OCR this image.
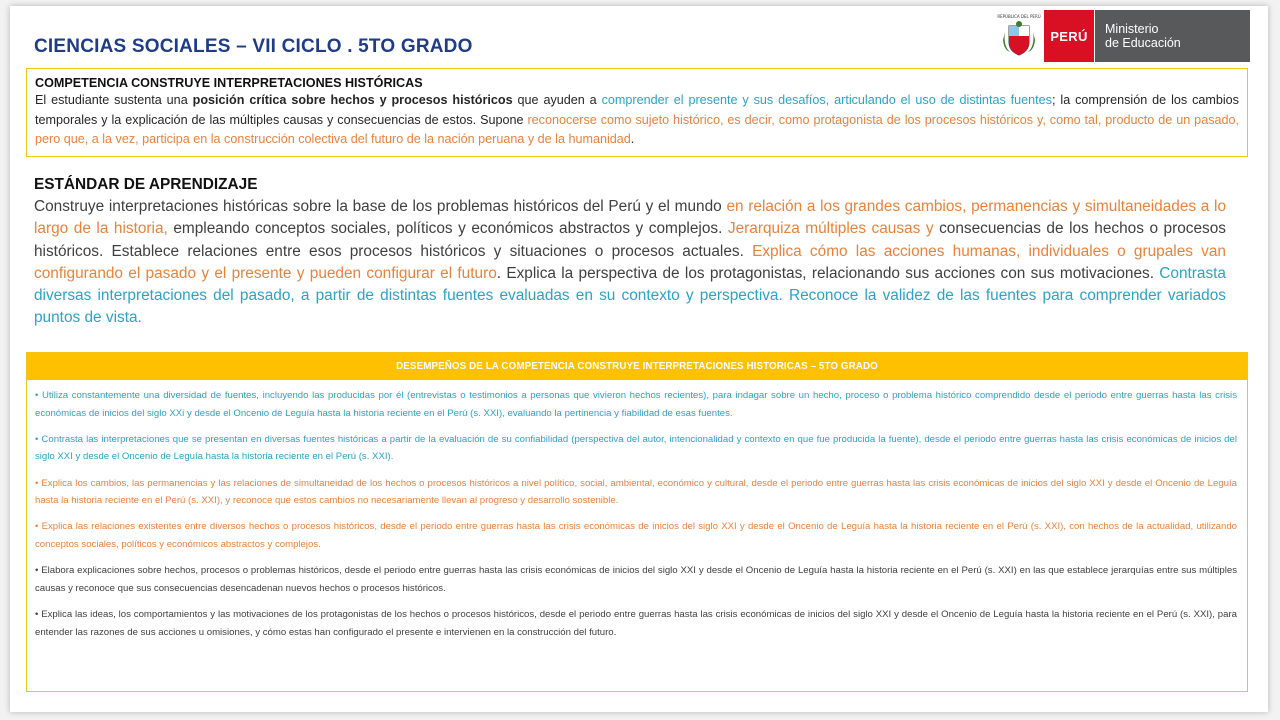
CIENCIAS SOCIALES – VII CICLO . 5TO GRADO
REPÚBLICA DEL PERÚ
PERÚ	Ministerio
de Educación
COMPETENCIA CONSTRUYE INTERPRETACIONES HISTÓRICAS
El estudiante sustenta una posición crítica sobre hechos y procesos históricos que ayuden a comprender el presente y sus desafíos, articulando el uso de distintas fuentes; la comprensión de los cambios temporales y la explicación de las múltiples causas y consecuencias de estos. Supone reconocerse como sujeto histórico, es decir, como protagonista de los procesos históricos y, como tal, producto de un pasado, pero que, a la vez, participa en la construcción colectiva del futuro de la nación peruana y de la humanidad.
ESTÁNDAR DE APRENDIZAJE
Construye interpretaciones históricas sobre la base de los problemas históricos del Perú y el mundo en relación a los grandes cambios, permanencias y simultaneidades a lo largo de la historia, empleando conceptos sociales, políticos y económicos abstractos y complejos. Jerarquiza múltiples causas y consecuencias de los hechos o procesos históricos. Establece relaciones entre esos procesos históricos y situaciones o procesos actuales. Explica cómo las acciones humanas, individuales o grupales van configurando el pasado y el presente y pueden configurar el futuro. Explica la perspectiva de los protagonistas, relacionando sus acciones con sus motivaciones. Contrasta diversas interpretaciones del pasado, a partir de distintas fuentes evaluadas en su contexto y perspectiva. Reconoce la validez de las fuentes para comprender variados puntos de vista.
DESEMPEÑOS DE LA COMPETENCIA CONSTRUYE INTERPRETACIONES HISTORICAS – 5TO GRADO
• Utiliza constantemente una diversidad de fuentes, incluyendo las producidas por él (entrevistas o testimonios a personas que vivieron hechos recientes), para indagar sobre un hecho, proceso o problema histórico comprendido desde el periodo entre guerras hasta las crisis económicas de inicios del siglo XXi y desde el Oncenio de Leguía hasta la historia reciente en el Perú (s. XXI), evaluando la pertinencia y fiabilidad de esas fuentes.
• Contrasta las interpretaciones que se presentan en diversas fuentes históricas a partir de la evaluación de su confiabilidad (perspectiva del autor, intencionalidad y contexto en que fue producida la fuente), desde el periodo entre guerras hasta las crisis económicas de inicios del siglo XXI y desde el Oncenio de Leguía hasta la historia reciente en el Perú (s. XXI).
• Explica los cambios, las permanencias y las relaciones de simultaneidad de los hechos o procesos históricos a nivel político, social, ambiental, económico y cultural, desde el periodo entre guerras hasta las crisis económicas de inicios del siglo XXI y desde el Oncenio de Leguía hasta la historia reciente en el Perú (s. XXI), y reconoce que estos cambios no necesariamente llevan al progreso y desarrollo sostenible.
• Explica las relaciones existentes entre diversos hechos o procesos históricos, desde el periodo entre guerras hasta las crisis económicas de inicios del siglo XXI y desde el Oncenio de Leguía hasta la historia reciente en el Perú (s. XXI), con hechos de la actualidad, utilizando conceptos sociales, políticos y económicos abstractos y complejos.
• Elabora explicaciones sobre hechos, procesos o problemas históricos, desde el periodo entre guerras hasta las crisis económicas de inicios del siglo XXI y desde el Oncenio de Leguía hasta la historia reciente en el Perú (s. XXI) en las que establece jerarquías entre sus múltiples causas y reconoce que sus consecuencias desencadenan nuevos hechos o procesos históricos.
• Explica las ideas, los comportamientos y las motivaciones de los protagonistas de los hechos o procesos históricos, desde el periodo entre guerras hasta las crisis económicas de inicios del siglo XXI y desde el Oncenio de Leguía hasta la historia reciente en el Perú (s. XXI), para entender las razones de sus acciones u omisiones, y cómo estas han configurado el presente e intervienen en la construcción del futuro.
